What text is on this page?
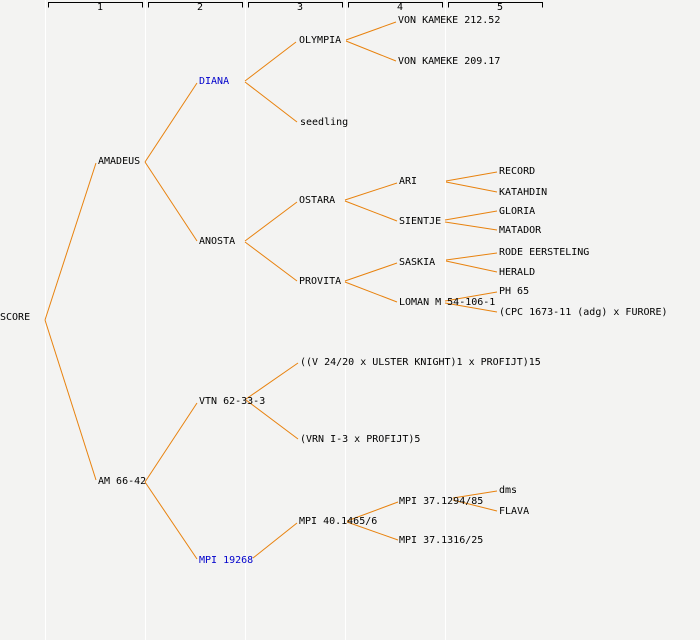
1	2	3	4	5
SCORE
AMADEUS
AM 66-42
DIANA
ANOSTA
VTN 62-33-3
MPI 19268
OLYMPIA
seedling
OSTARA
PROVITA
((V 24/20 x ULSTER KNIGHT)1 x PROFIJT)15
(VRN I-3 x PROFIJT)5
MPI 40.1465/6
VON KAMEKE 212.52
VON KAMEKE 209.17
ARI
SIENTJE
SASKIA
LOMAN M 54-106-1
MPI 37.1294/85
MPI 37.1316/25
RECORD
KATAHDIN
GLORIA
MATADOR
RODE EERSTELING
HERALD
PH 65
(CPC 1673-11 (adg) x FURORE)
dms
FLAVA
